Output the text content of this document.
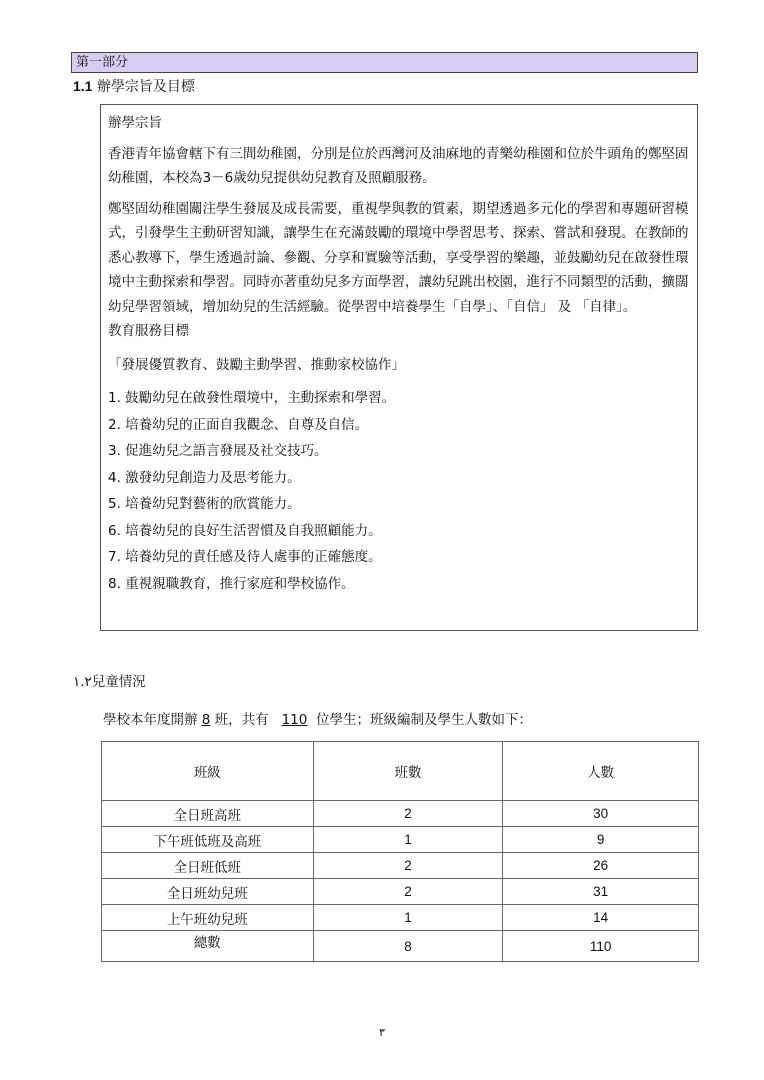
第一部分
1.1 辦學宗旨及目標

辦學宗旨

香港青年協會轄下有三間幼稚園，分別是位於西灣河及油麻地的青樂幼稚園和位於牛頭角的鄭堅固幼稚園，本校為3－6歲幼兒提供幼兒教育及照顧服務。

鄭堅固幼稚園關注學生發展及成長需要，重視學與教的質素，期望透過多元化的學習和專題研習模式，引發學生主動研習知識，讓學生在充滿鼓勵的環境中學習思考、探索、嘗試和發現。在教師的悉心教導下，學生透過討論、參觀、分享和實驗等活動，享受學習的樂趣，並鼓勵幼兒在啟發性環境中主動探索和學習。同時亦著重幼兒多方面學習，讓幼兒跳出校園，進行不同類型的活動，擴闊幼兒學習領域，增加幼兒的生活經驗。從學習中培養學生「自學」、「自信」 及 「自律」。

教育服務目標

「發展優質教育、鼓勵主動學習、推動家校協作」

1. 鼓勵幼兒在啟發性環境中，主動探索和學習。
2. 培養幼兒的正面自我觀念、自尊及自信。
3. 促進幼兒之語言發展及社交技巧。
4. 激發幼兒創造力及思考能力。
5. 培養幼兒對藝術的欣賞能力。
6. 培養幼兒的良好生活習慣及自我照顧能力。
7. 培養幼兒的責任感及待人處事的正確態度。
8. 重視親職教育，推行家庭和學校協作。
١.٢兒童情況
學校本年度開辦 8 班，共有   110  位學生；班級編制及學生人數如下：
班級	班數	人數
全日班高班	2	30
下午班低班及高班	1	9
全日班低班	2	26
全日班幼兒班	2	31
上午班幼兒班	1	14
總數	8	110
٣
